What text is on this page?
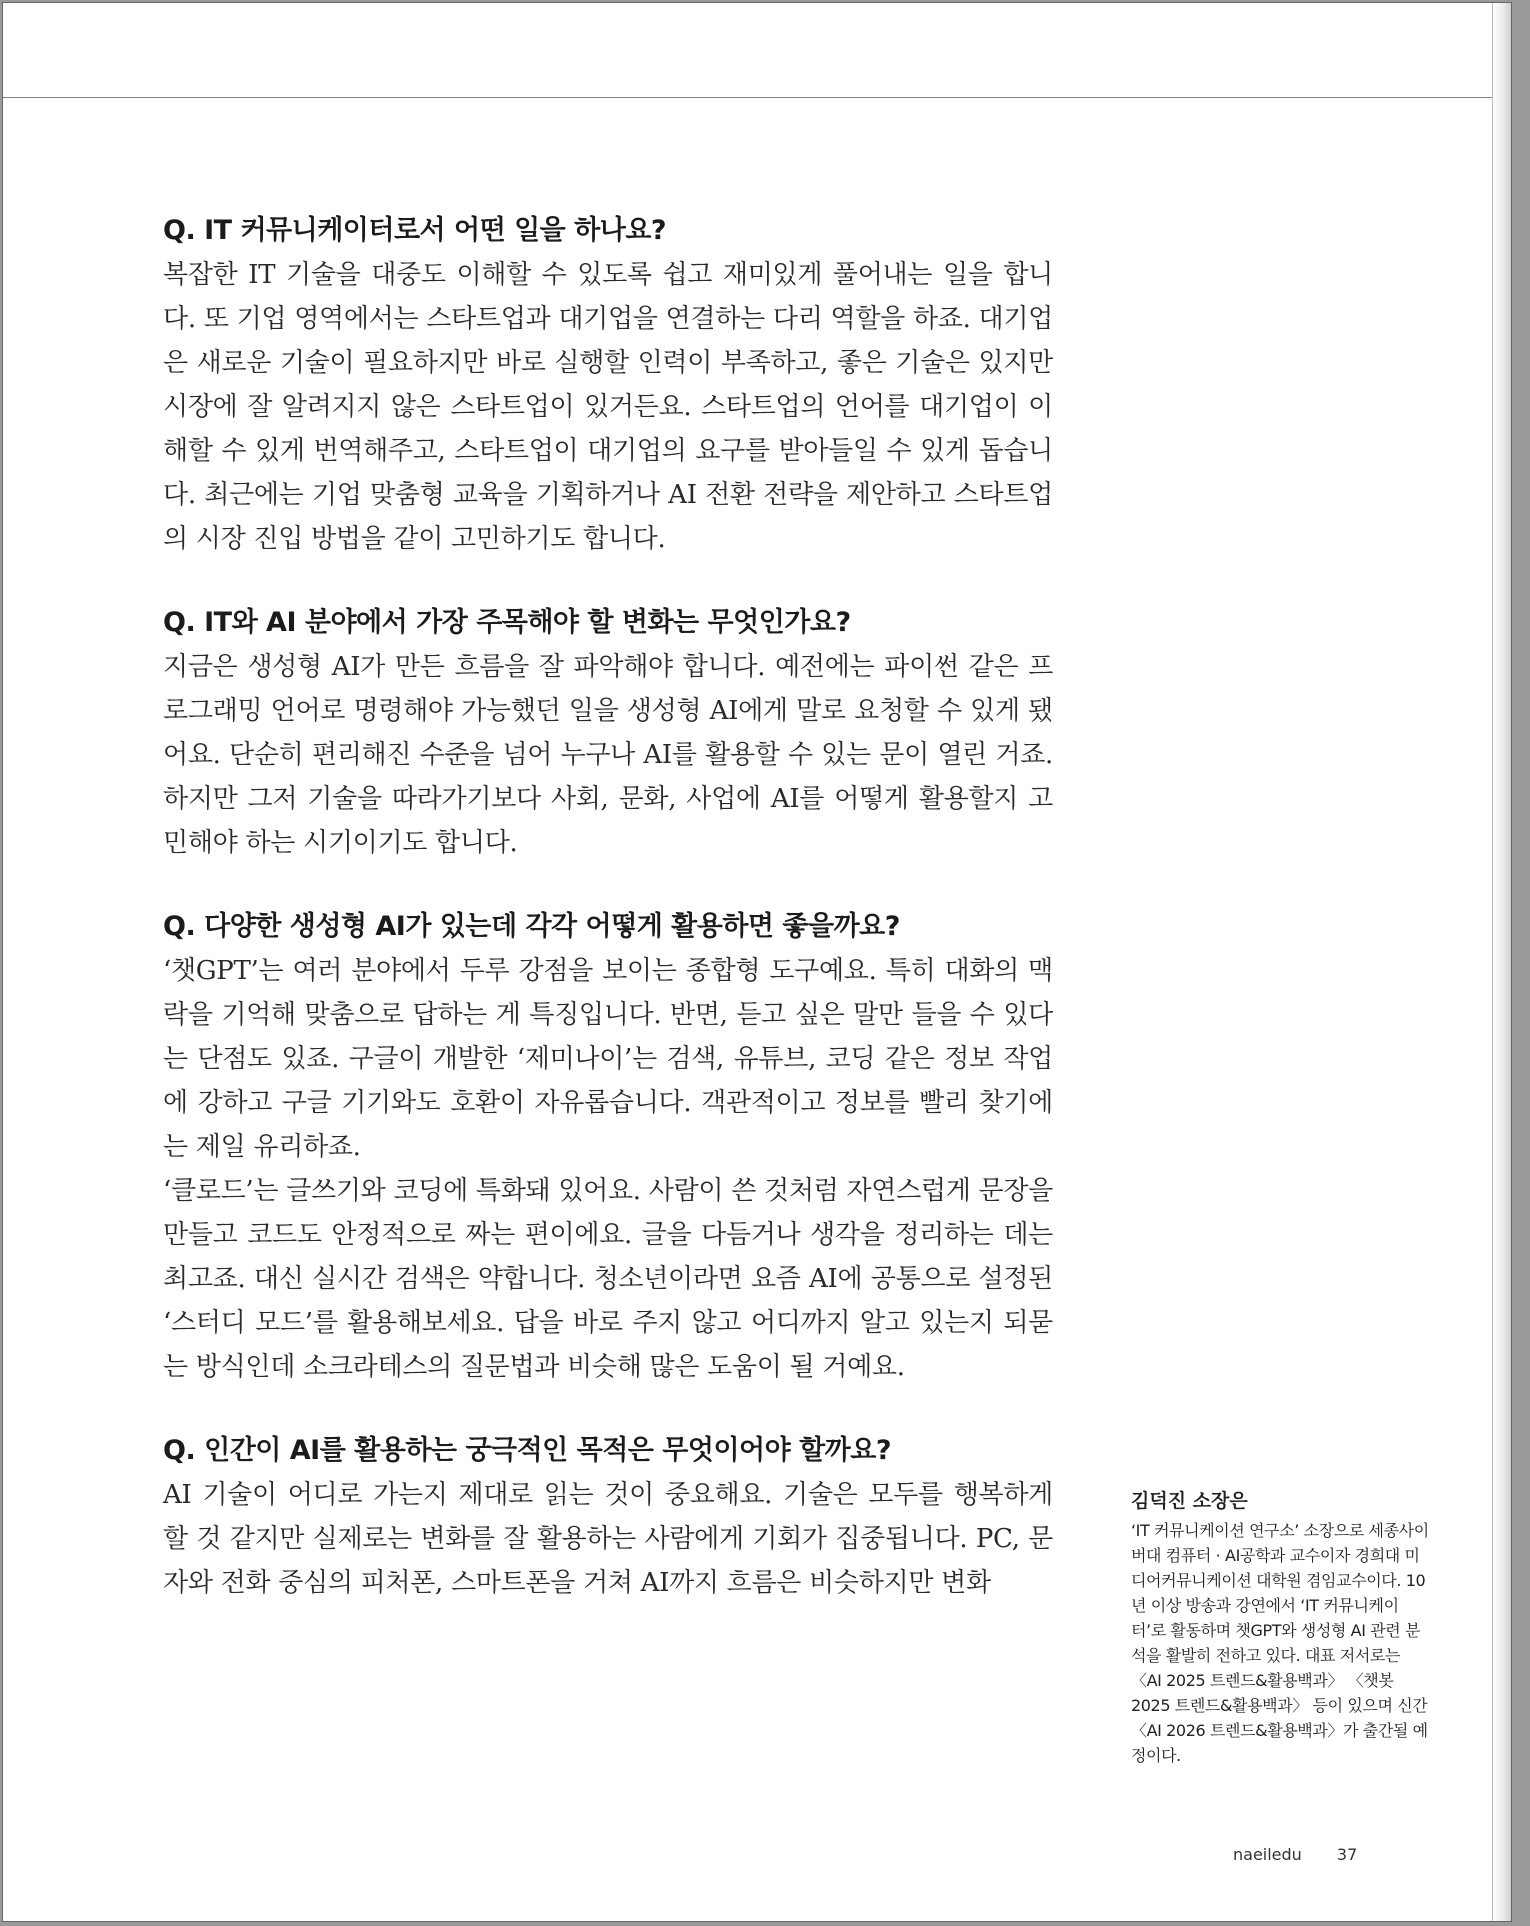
Q. IT 커뮤니케이터로서 어떤 일을 하나요?

복잡한 IT 기술을 대중도 이해할 수 있도록 쉽고 재미있게 풀어내는 일을 합니다. 또 기업 영역에서는 스타트업과 대기업을 연결하는 다리 역할을 하죠. 대기업은 새로운 기술이 필요하지만 바로 실행할 인력이 부족하고, 좋은 기술은 있지만 시장에 잘 알려지지 않은 스타트업이 있거든요. 스타트업의 언어를 대기업이 이해할 수 있게 번역해주고, 스타트업이 대기업의 요구를 받아들일 수 있게 돕습니다. 최근에는 기업 맞춤형 교육을 기획하거나 AI 전환 전략을 제안하고 스타트업의 시장 진입 방법을 같이 고민하기도 합니다.

Q. IT와 AI 분야에서 가장 주목해야 할 변화는 무엇인가요?

지금은 생성형 AI가 만든 흐름을 잘 파악해야 합니다. 예전에는 파이썬 같은 프로그래밍 언어로 명령해야 가능했던 일을 생성형 AI에게 말로 요청할 수 있게 됐어요. 단순히 편리해진 수준을 넘어 누구나 AI를 활용할 수 있는 문이 열린 거죠. 하지만 그저 기술을 따라가기보다 사회, 문화, 사업에 AI를 어떻게 활용할지 고민해야 하는 시기이기도 합니다.

Q. 다양한 생성형 AI가 있는데 각각 어떻게 활용하면 좋을까요?

‘챗GPT’는 여러 분야에서 두루 강점을 보이는 종합형 도구예요. 특히 대화의 맥락을 기억해 맞춤으로 답하는 게 특징입니다. 반면, 듣고 싶은 말만 들을 수 있다는 단점도 있죠. 구글이 개발한 ‘제미나이’는 검색, 유튜브, 코딩 같은 정보 작업에 강하고 구글 기기와도 호환이 자유롭습니다. 객관적이고 정보를 빨리 찾기에는 제일 유리하죠.

‘클로드’는 글쓰기와 코딩에 특화돼 있어요. 사람이 쓴 것처럼 자연스럽게 문장을 만들고 코드도 안정적으로 짜는 편이에요. 글을 다듬거나 생각을 정리하는 데는 최고죠. 대신 실시간 검색은 약합니다. 청소년이라면 요즘 AI에 공통으로 설정된 ‘스터디 모드’를 활용해보세요. 답을 바로 주지 않고 어디까지 알고 있는지 되묻는 방식인데 소크라테스의 질문법과 비슷해 많은 도움이 될 거예요.

Q. 인간이 AI를 활용하는 궁극적인 목적은 무엇이어야 할까요?

AI 기술이 어디로 가는지 제대로 읽는 것이 중요해요. 기술은 모두를 행복하게 할 것 같지만 실제로는 변화를 잘 활용하는 사람에게 기회가 집중됩니다. PC, 문자와 전화 중심의 피처폰, 스마트폰을 거쳐 AI까지 흐름은 비슷하지만 변화

김덕진 소장은

‘IT 커뮤니케이션 연구소’ 소장으로 세종사이버대 컴퓨터 · AI공학과 교수이자 경희대 미디어커뮤니케이션 대학원 겸임교수이다. 10년 이상 방송과 강연에서 ‘IT 커뮤니케이터’로 활동하며 챗GPT와 생성형 AI 관련 분석을 활발히 전하고 있다. 대표 저서로는 〈AI 2025 트렌드&활용백과〉 〈챗봇 2025 트렌드&활용백과〉 등이 있으며 신간 〈AI 2026 트렌드&활용백과〉가 출간될 예정이다.

naeiledu 37
